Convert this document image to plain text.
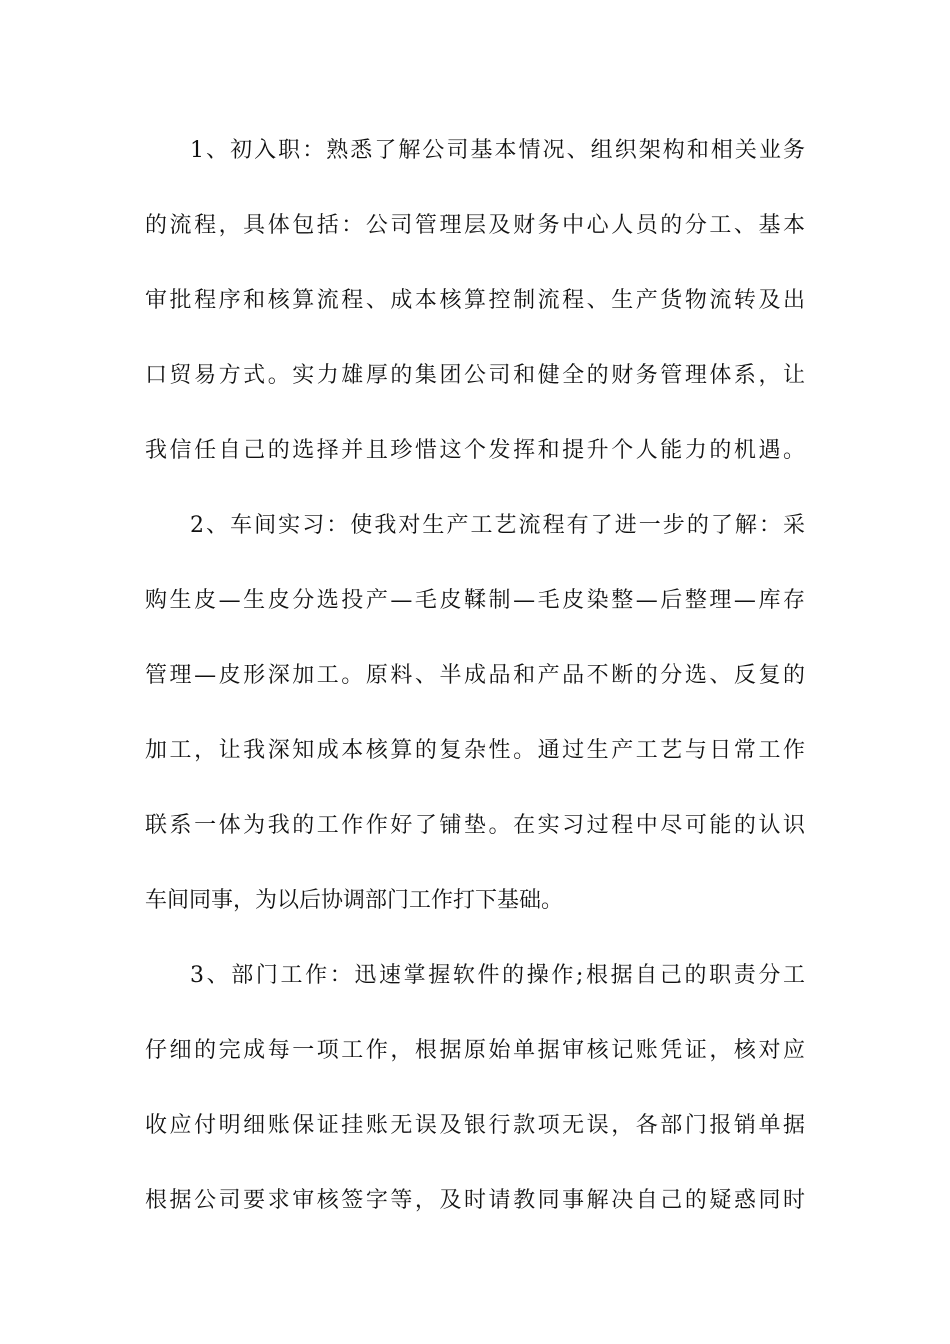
1、初入职：熟悉了解公司基本情况、组织架构和相关业务
的流程，具体包括：公司管理层及财务中心人员的分工、基本
审批程序和核算流程、成本核算控制流程、生产货物流转及出
口贸易方式。实力雄厚的集团公司和健全的财务管理体系，让
我信任自己的选择并且珍惜这个发挥和提升个人能力的机遇。
2、车间实习：使我对生产工艺流程有了进一步的了解：采
购生皮—生皮分选投产—毛皮鞣制—毛皮染整—后整理—库存
管理—皮形深加工。原料、半成品和产品不断的分选、反复的
加工，让我深知成本核算的复杂性。通过生产工艺与日常工作
联系一体为我的工作作好了铺垫。在实习过程中尽可能的认识
车间同事，为以后协调部门工作打下基础。
3、部门工作：迅速掌握软件的操作;根据自己的职责分工
仔细的完成每一项工作，根据原始单据审核记账凭证，核对应
收应付明细账保证挂账无误及银行款项无误，各部门报销单据
根据公司要求审核签字等，及时请教同事解决自己的疑惑同时
